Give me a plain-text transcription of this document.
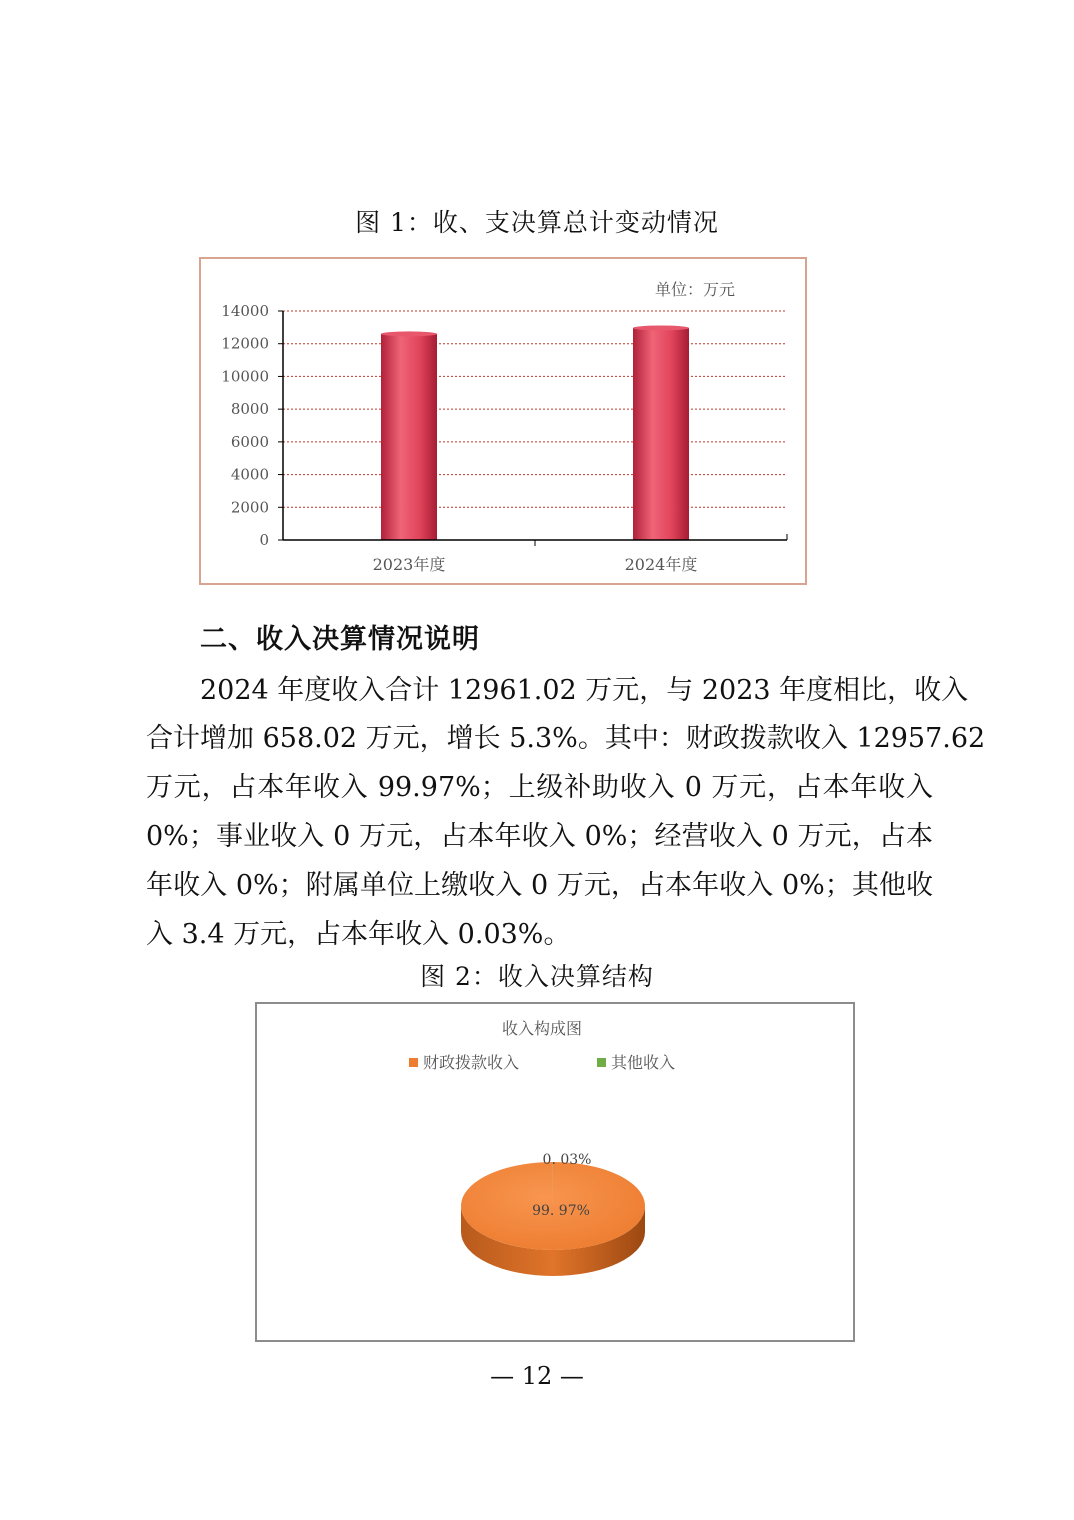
图 1：收、支决算总计变动情况
单位：万元
0
2000
4000
6000
8000
10000
12000
14000
2023年度	2024年度
二、收入决算情况说明
2024 年度收入合计 12961.02 万元，与 2023 年度相比，收入
合计增加 658.02 万元，增长 5.3%。其中：财政拨款收入 12957.62
万元，占本年收入 99.97%；上级补助收入 0 万元，占本年收入
0%；事业收入 0 万元，占本年收入 0%；经营收入 0 万元，占本
年收入 0%；附属单位上缴收入 0 万元，占本年收入 0%；其他收
入 3.4 万元，占本年收入 0.03%。
图 2：收入决算结构
收入构成图
财政拨款收入	其他收入
0. 03%
99. 97%
— 12 —
